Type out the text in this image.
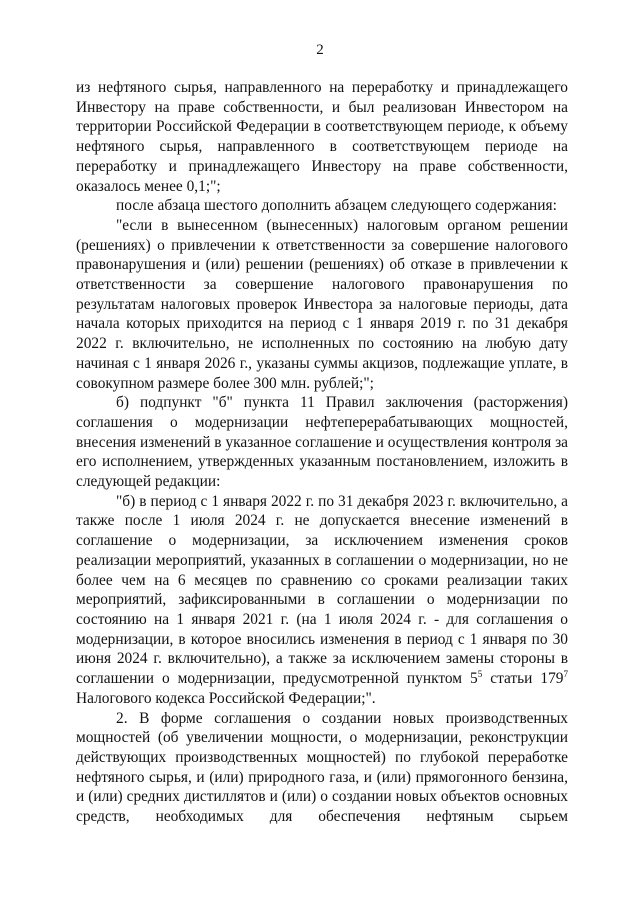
2

из нефтяного сырья, направленного на переработку и принадлежащего Инвестору на праве собственности, и был реализован Инвестором на территории Российской Федерации в соответствующем периоде, к объему нефтяного сырья, направленного в соответствующем периоде на переработку и принадлежащего Инвестору на праве собственности, оказалось менее 0,1;";

после абзаца шестого дополнить абзацем следующего содержания:

"если в вынесенном (вынесенных) налоговым органом решении (решениях) о привлечении к ответственности за совершение налогового правонарушения и (или) решении (решениях) об отказе в привлечении к ответственности за совершение налогового правонарушения по результатам налоговых проверок Инвестора за налоговые периоды, дата начала которых приходится на период с 1 января 2019 г. по 31 декабря 2022 г. включительно, не исполненных по состоянию на любую дату начиная с 1 января 2026 г., указаны суммы акцизов, подлежащие уплате, в совокупном размере более 300 млн. рублей;";

б) подпункт "б" пункта 11 Правил заключения (расторжения) соглашения о модернизации нефтеперерабатывающих мощностей, внесения изменений в указанное соглашение и осуществления контроля за его исполнением, утвержденных указанным постановлением, изложить в следующей редакции:

"б) в период с 1 января 2022 г. по 31 декабря 2023 г. включительно, а также после 1 июля 2024 г. не допускается внесение изменений в соглашение о модернизации, за исключением изменения сроков реализации мероприятий, указанных в соглашении о модернизации, но не более чем на 6 месяцев по сравнению со сроками реализации таких мероприятий, зафиксированными в соглашении о модернизации по состоянию на 1 января 2021 г. (на 1 июля 2024 г. - для соглашения о модернизации, в которое вносились изменения в период с 1 января по 30 июня 2024 г. включительно), а также за исключением замены стороны в соглашении о модернизации, предусмотренной пунктом $5^5$ статьи $179^7$ Налогового кодекса Российской Федерации;".

2. В форме соглашения о создании новых производственных мощностей (об увеличении мощности, о модернизации, реконструкции действующих производственных мощностей) по глубокой переработке нефтяного сырья, и (или) природного газа, и (или) прямогонного бензина, и (или) средних дистиллятов и (или) о создании новых объектов основных средств, необходимых для обеспечения нефтяным сырьем
